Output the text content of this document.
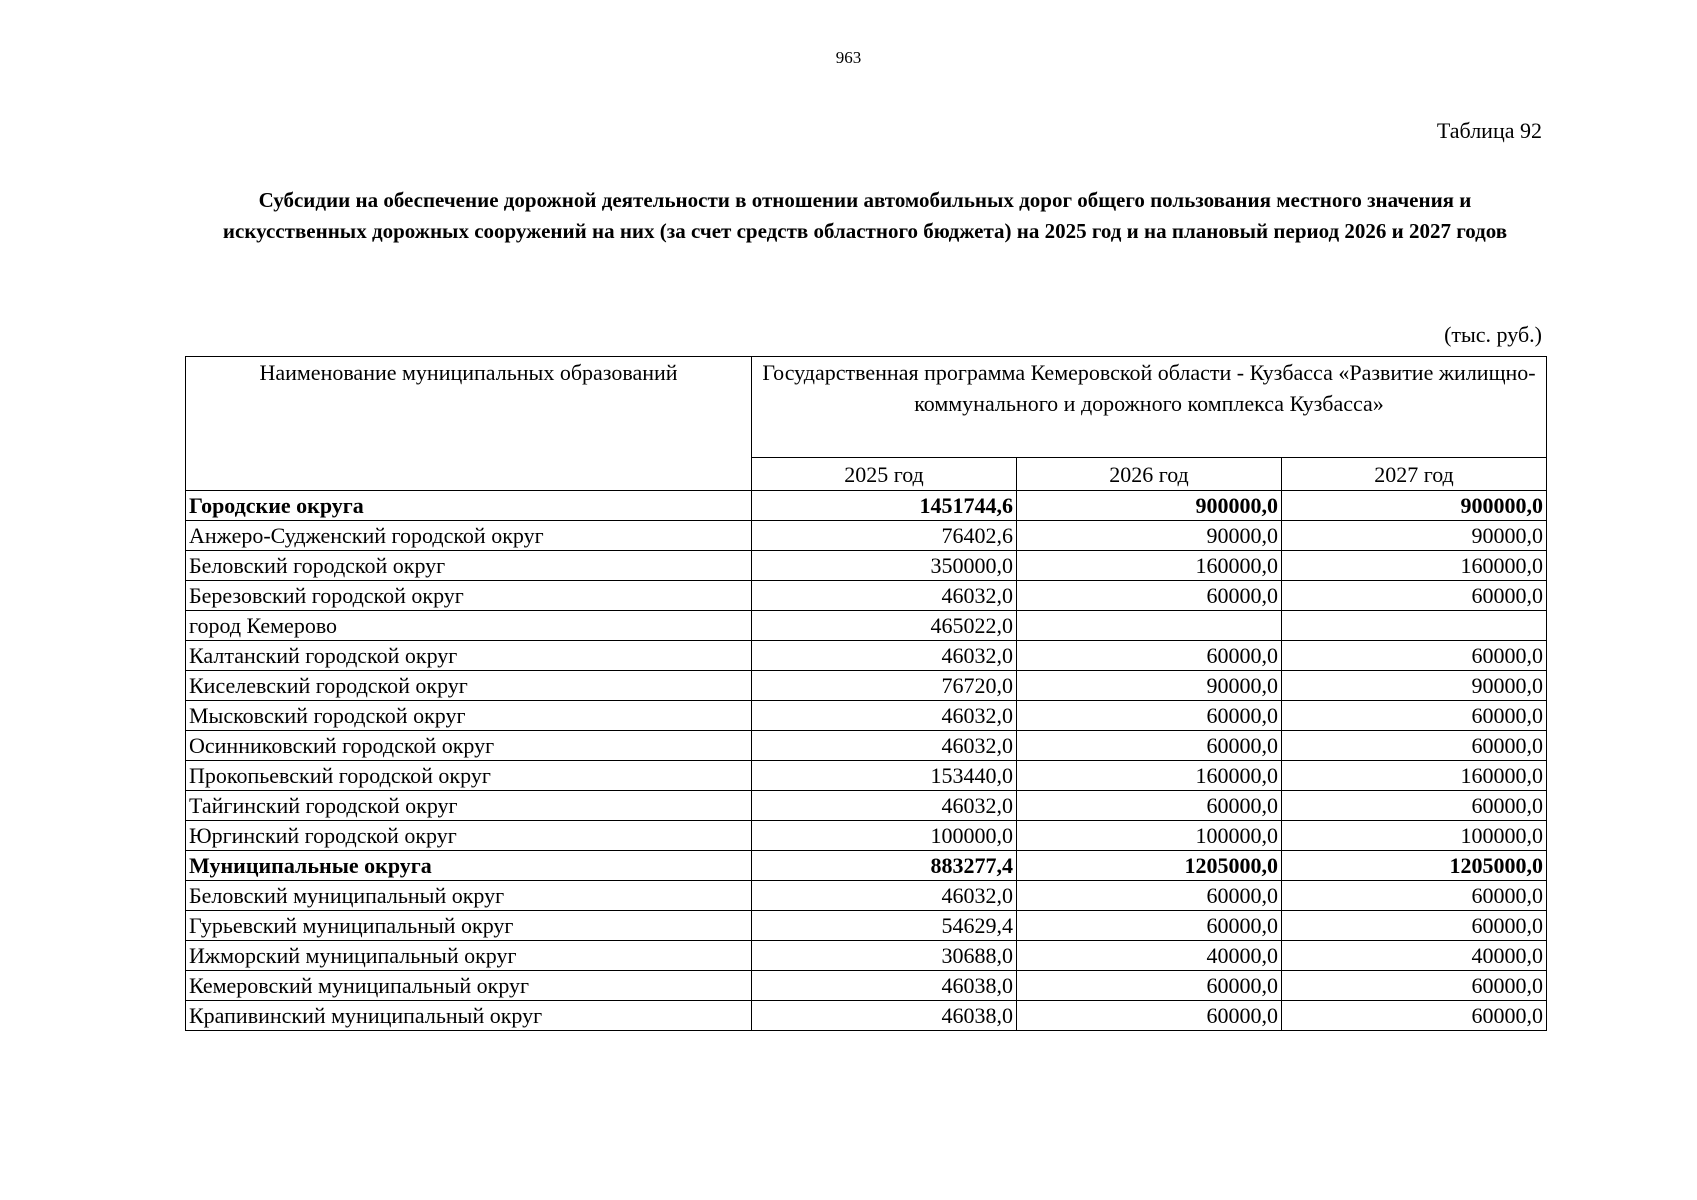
963
Таблица 92
Субсидии на обеспечение дорожной деятельности в отношении автомобильных дорог общего пользования местного значения и искусственных дорожных сооружений на них (за счет средств областного бюджета) на 2025 год и на плановый период 2026 и 2027 годов
(тыс. руб.)
Наименование муниципальных образований	Государственная программа Кемеровской области - Кузбасса «Развитие жилищно-коммунального и дорожного комплекса Кузбасса»		
	2025 год	2026 год	2027 год
Городские округа	1451744,6	900000,0	900000,0
Анжеро-Судженский городской округ	76402,6	90000,0	90000,0
Беловский городской округ	350000,0	160000,0	160000,0
Березовский городской округ	46032,0	60000,0	60000,0
город Кемерово	465022,0		
Калтанский городской округ	46032,0	60000,0	60000,0
Киселевский городской округ	76720,0	90000,0	90000,0
Мысковский городской округ	46032,0	60000,0	60000,0
Осинниковский городской округ	46032,0	60000,0	60000,0
Прокопьевский городской округ	153440,0	160000,0	160000,0
Тайгинский городской округ	46032,0	60000,0	60000,0
Юргинский городской округ	100000,0	100000,0	100000,0
Муниципальные округа	883277,4	1205000,0	1205000,0
Беловский муниципальный округ	46032,0	60000,0	60000,0
Гурьевский муниципальный округ	54629,4	60000,0	60000,0
Ижморский муниципальный округ	30688,0	40000,0	40000,0
Кемеровский муниципальный округ	46038,0	60000,0	60000,0
Крапивинский муниципальный округ	46038,0	60000,0	60000,0
